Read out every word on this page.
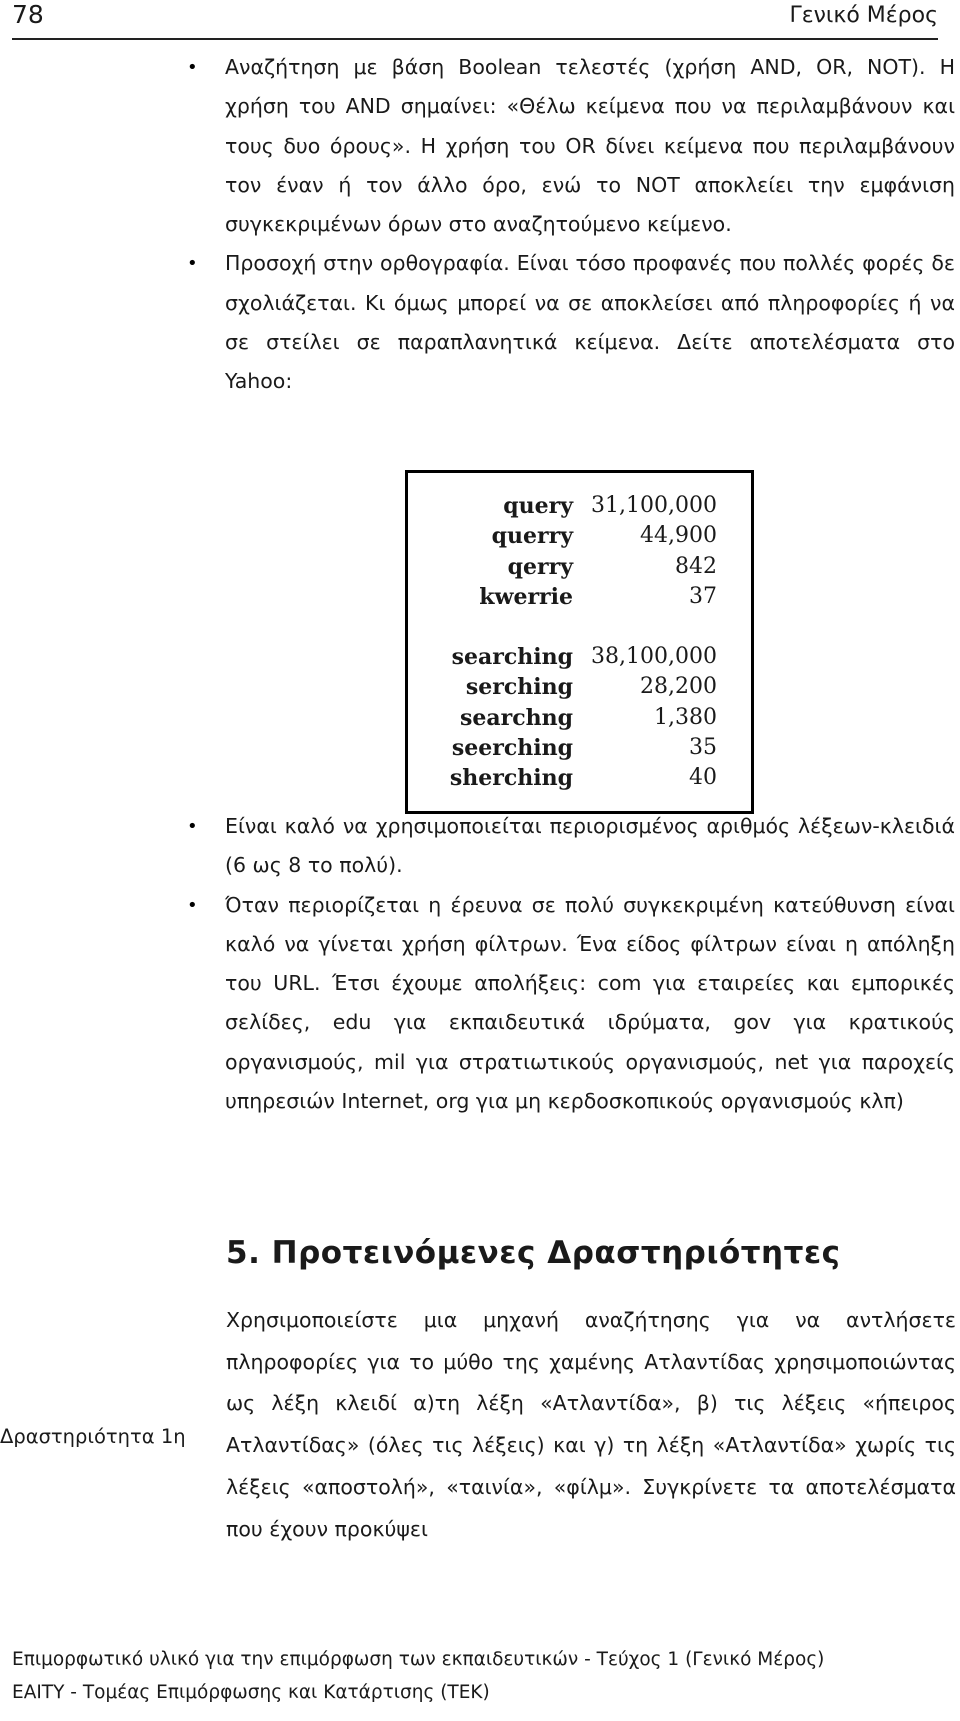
78	Γενικό Μέρος
• Αναζήτηση με βάση Boolean τελεστές (χρήση AND, OR, NOT). Η χρήση του AND σημαίνει: «Θέλω κείμενα που να περιλαμβάνουν και τους δυο όρους». Η χρήση του OR δίνει κείμενα που περιλαμβάνουν τον έναν ή τον άλλο όρο, ενώ το NOT αποκλείει την εμφάνιση συγκεκριμένων όρων στο αναζητούμενο κείμενο.
• Προσοχή στην ορθογραφία. Είναι τόσο προφανές που πολλές φορές δε σχολιάζεται. Κι όμως μπορεί να σε αποκλείσει από πληροφορίες ή να σε στείλει σε παραπλανητικά κείμενα. Δείτε αποτελέσματα στο Yahoo:
query 31,100,000
querry	44,900
qerry	842
kwerrie	37
searching 38,100,000
serching	28,200
searchng	1,380
seerching	35
sherching	40
• Είναι καλό να χρησιμοποιείται περιορισμένος αριθμός λέξεων-κλειδιά (6 ως 8 το πολύ).
• Όταν περιορίζεται η έρευνα σε πολύ συγκεκριμένη κατεύθυνση είναι καλό να γίνεται χρήση φίλτρων. Ένα είδος φίλτρων είναι η απόληξη του URL. Έτσι έχουμε απολήξεις: com για εταιρείες και εμπορικές σελίδες, edu για εκπαιδευτικά ιδρύματα, gov για κρατικούς οργανισμούς, mil για στρατιωτικούς οργανισμούς, net για παροχείς υπηρεσιών Internet, org για μη κερδοσκοπικούς οργανισμούς κλπ)
5. Προτεινόμενες Δραστηριότητες
Δραστηριότητα 1η

Χρησιμοποιείστε μια μηχανή αναζήτησης για να αντλήσετε πληροφορίες για το μύθο της χαμένης Ατλαντίδας χρησιμοποιώντας ως λέξη κλειδί α)τη λέξη «Ατλαντίδα», β) τις λέξεις «ήπειρος Ατλαντίδας» (όλες τις λέξεις) και γ) τη λέξη «Ατλαντίδα» χωρίς τις λέξεις «αποστολή», «ταινία», «φίλμ». Συγκρίνετε τα αποτελέσματα που έχουν προκύψει

Επιμορφωτικό υλικό για την επιμόρφωση των εκπαιδευτικών - Τεύχος 1 (Γενικό Μέρος)
ΕΑΙΤΥ - Τομέας Επιμόρφωσης και Κατάρτισης (ΤΕΚ)
